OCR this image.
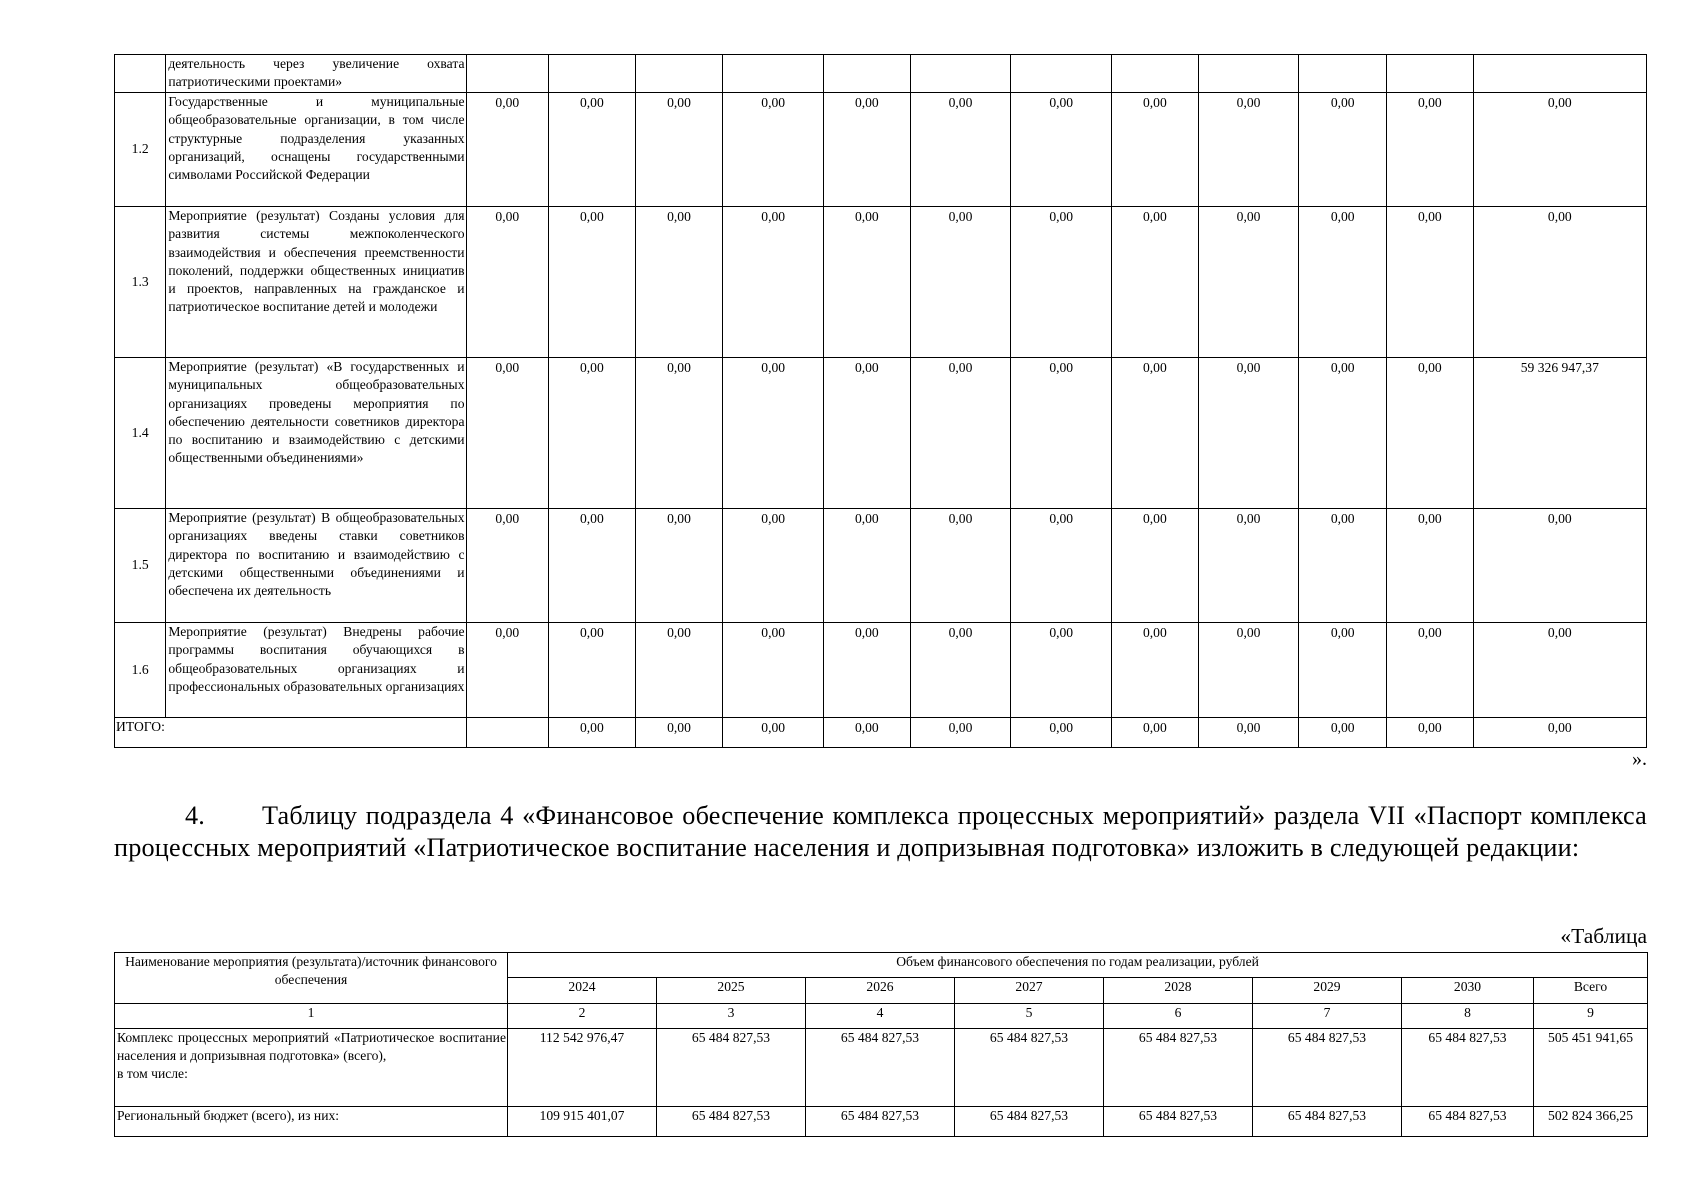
	деятельность через увеличение охвата патриотическими проектами»												
1.2	Государственные и муниципальные общеобразовательные организации, в том числе структурные подразделения указанных организаций, оснащены государственными символами Российской Федерации	0,00	0,00	0,00	0,00	0,00	0,00	0,00	0,00	0,00	0,00	0,00	0,00
1.3	Мероприятие (результат) Созданы условия для развития системы межпоколенческого взаимодействия и обеспечения преемственности поколений, поддержки общественных инициатив и проектов, направленных на гражданское и патриотическое воспитание детей и молодежи	0,00	0,00	0,00	0,00	0,00	0,00	0,00	0,00	0,00	0,00	0,00	0,00
1.4	Мероприятие (результат) «В государственных и муниципальных общеобразовательных организациях проведены мероприятия по обеспечению деятельности советников директора по воспитанию и взаимодействию с детскими общественными объединениями»	0,00	0,00	0,00	0,00	0,00	0,00	0,00	0,00	0,00	0,00	0,00	59 326 947,37
1.5	Мероприятие (результат) В общеобразовательных организациях введены ставки советников директора по воспитанию и взаимодействию с детскими общественными объединениями и обеспечена их деятельность	0,00	0,00	0,00	0,00	0,00	0,00	0,00	0,00	0,00	0,00	0,00	0,00
1.6	Мероприятие (результат) Внедрены рабочие программы воспитания обучающихся в общеобразовательных организациях и профессиональных образовательных организациях	0,00	0,00	0,00	0,00	0,00	0,00	0,00	0,00	0,00	0,00	0,00	0,00
ИТОГО:			0,00	0,00	0,00	0,00	0,00	0,00	0,00	0,00	0,00	0,00	0,00
».
4. Таблицу подраздела 4 «Финансовое обеспечение комплекса процессных мероприятий» раздела VII «Паспорт комплекса процессных мероприятий «Патриотическое воспитание населения и допризывная подготовка» изложить в следующей редакции:
«Таблица
Наименование мероприятия (результата)/источник финансового обеспечения	Объем финансового обеспечения по годам реализации, рублей							
	2024	2025	2026	2027	2028	2029	2030	Всего
1	2	3	4	5	6	7	8	9
Комплекс процессных мероприятий «Патриотическое воспитание населения и допризывная подготовка» (всего),
в том числе:	112 542 976,47	65 484 827,53	65 484 827,53	65 484 827,53	65 484 827,53	65 484 827,53	65 484 827,53	505 451 941,65
Региональный бюджет (всего), из них:	109 915 401,07	65 484 827,53	65 484 827,53	65 484 827,53	65 484 827,53	65 484 827,53	65 484 827,53	502 824 366,25
